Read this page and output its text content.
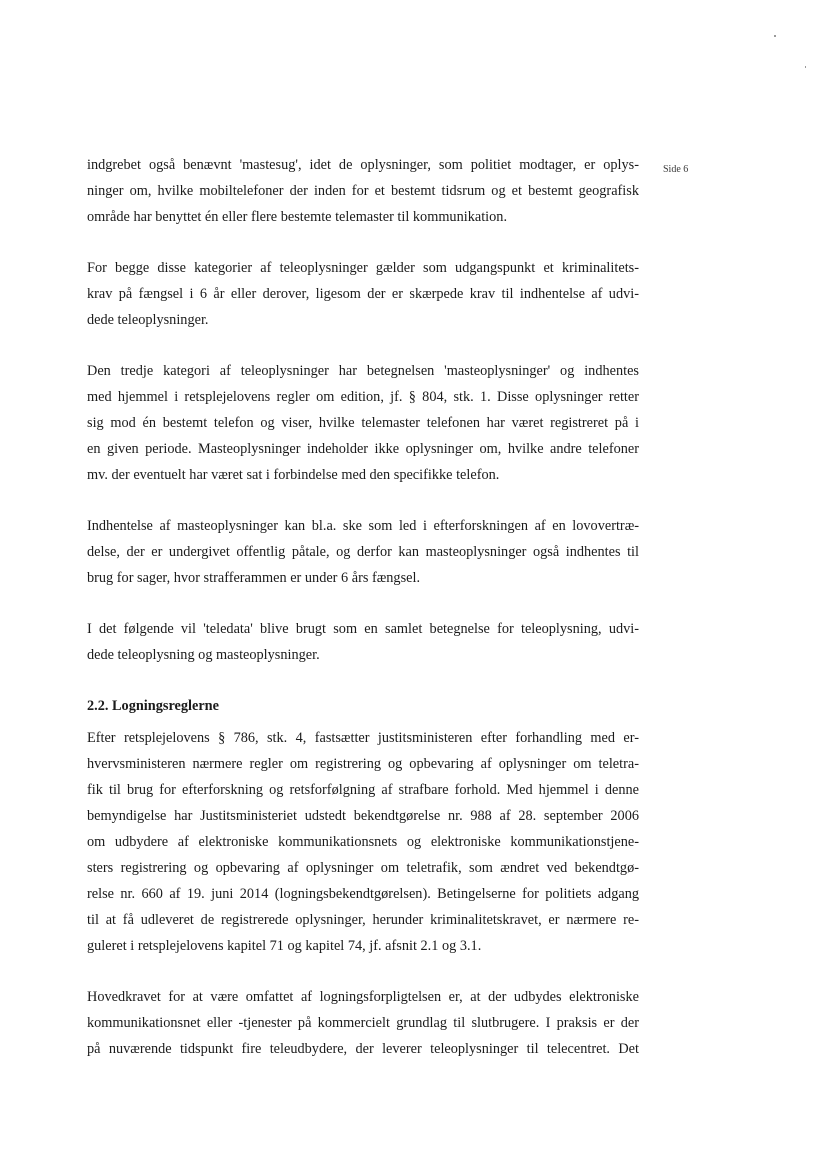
Side 6
indgrebet også benævnt 'mastesug', idet de oplysninger, som politiet modtager, er oplys-
ninger om, hvilke mobiltelefoner der inden for et bestemt tidsrum og et bestemt geografisk
område har benyttet én eller flere bestemte telemaster til kommunikation.
For begge disse kategorier af teleoplysninger gælder som udgangspunkt et kriminalitets-
krav på fængsel i 6 år eller derover, ligesom der er skærpede krav til indhentelse af udvi-
dede teleoplysninger.
Den tredje kategori af teleoplysninger har betegnelsen 'masteoplysninger' og indhentes
med hjemmel i retsplejelovens regler om edition, jf. § 804, stk. 1. Disse oplysninger retter
sig mod én bestemt telefon og viser, hvilke telemaster telefonen har været registreret på i
en given periode. Masteoplysninger indeholder ikke oplysninger om, hvilke andre telefoner
mv. der eventuelt har været sat i forbindelse med den specifikke telefon.
Indhentelse af masteoplysninger kan bl.a. ske som led i efterforskningen af en lovovertræ-
delse, der er undergivet offentlig påtale, og derfor kan masteoplysninger også indhentes til
brug for sager, hvor strafferammen er under 6 års fængsel.
I det følgende vil 'teledata' blive brugt som en samlet betegnelse for teleoplysning, udvi-
dede teleoplysning og masteoplysninger.
2.2. Logningsreglerne
Efter retsplejelovens § 786, stk. 4, fastsætter justitsministeren efter forhandling med er-
hvervsministeren nærmere regler om registrering og opbevaring af oplysninger om teletra-
fik til brug for efterforskning og retsforfølgning af strafbare forhold. Med hjemmel i denne
bemyndigelse har Justitsministeriet udstedt bekendtgørelse nr. 988 af 28. september 2006
om udbydere af elektroniske kommunikationsnets og elektroniske kommunikationstjene-
sters registrering og opbevaring af oplysninger om teletrafik, som ændret ved bekendtgø-
relse nr. 660 af 19. juni 2014 (logningsbekendtgørelsen). Betingelserne for politiets adgang
til at få udleveret de registrerede oplysninger, herunder kriminalitetskravet, er nærmere re-
guleret i retsplejelovens kapitel 71 og kapitel 74, jf. afsnit 2.1 og 3.1.
Hovedkravet for at være omfattet af logningsforpligtelsen er, at der udbydes elektroniske
kommunikationsnet eller -tjenester på kommercielt grundlag til slutbrugere. I praksis er der
på nuværende tidspunkt fire teleudbydere, der leverer teleoplysninger til telecentret. Det
